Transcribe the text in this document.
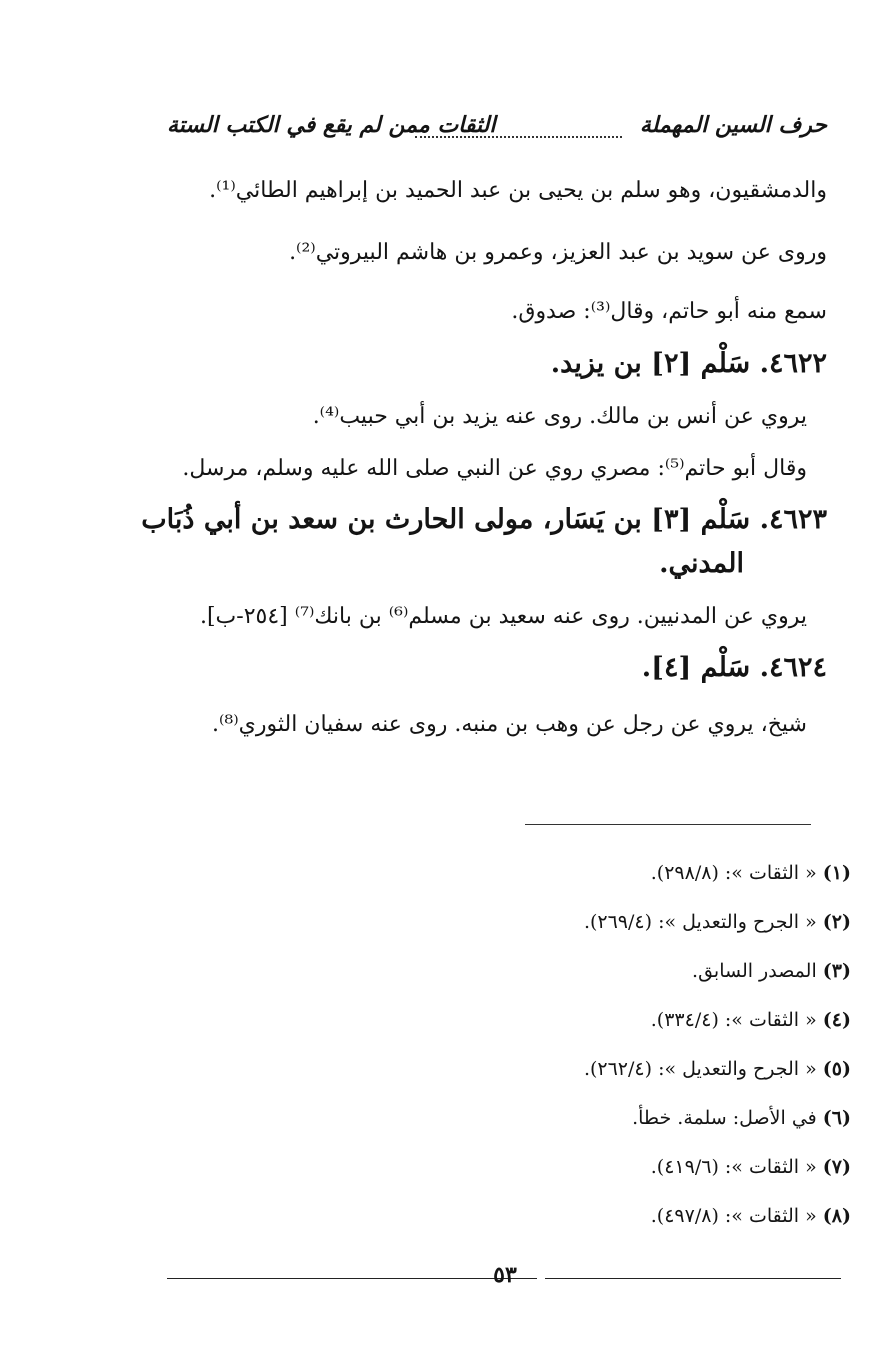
حرف السين المهملة
الثقات ممن لم يقع في الكتب الستة
والدمشقيون، وهو سلم بن يحيى بن عبد الحميد بن إبراهيم الطائي⁽¹⁾.
وروى عن سويد بن عبد العزيز، وعمرو بن هاشم البيروتي⁽²⁾.
سمع منه أبو حاتم، وقال⁽³⁾: صدوق.
٤٦٢٢. سَلْم [٢] بن يزيد.
يروي عن أنس بن مالك. روى عنه يزيد بن أبي حبيب⁽⁴⁾.
وقال أبو حاتم⁽⁵⁾: مصري روي عن النبي صلى الله عليه وسلم، مرسل.
٤٦٢٣. سَلْم [٣] بن يَسَار، مولى الحارث بن سعد بن أبي ذُبَاب
المدني.
يروي عن المدنيين. روى عنه سعيد بن مسلم⁽⁶⁾ بن بانك⁽⁷⁾ [٢٥٤-ب].
٤٦٢٤. سَلْم [٤].
شيخ، يروي عن رجل عن وهب بن منبه. روى عنه سفيان الثوري⁽⁸⁾.
(١) « الثقات »: (٢٩٨/٨).
(٢) « الجرح والتعديل »: (٢٦٩/٤).
(٣) المصدر السابق.
(٤) « الثقات »: (٣٣٤/٤).
(٥) « الجرح والتعديل »: (٢٦٢/٤).
(٦) في الأصل: سلمة. خطأ.
(٧) « الثقات »: (٤١٩/٦).
(٨) « الثقات »: (٤٩٧/٨).
٥٣
